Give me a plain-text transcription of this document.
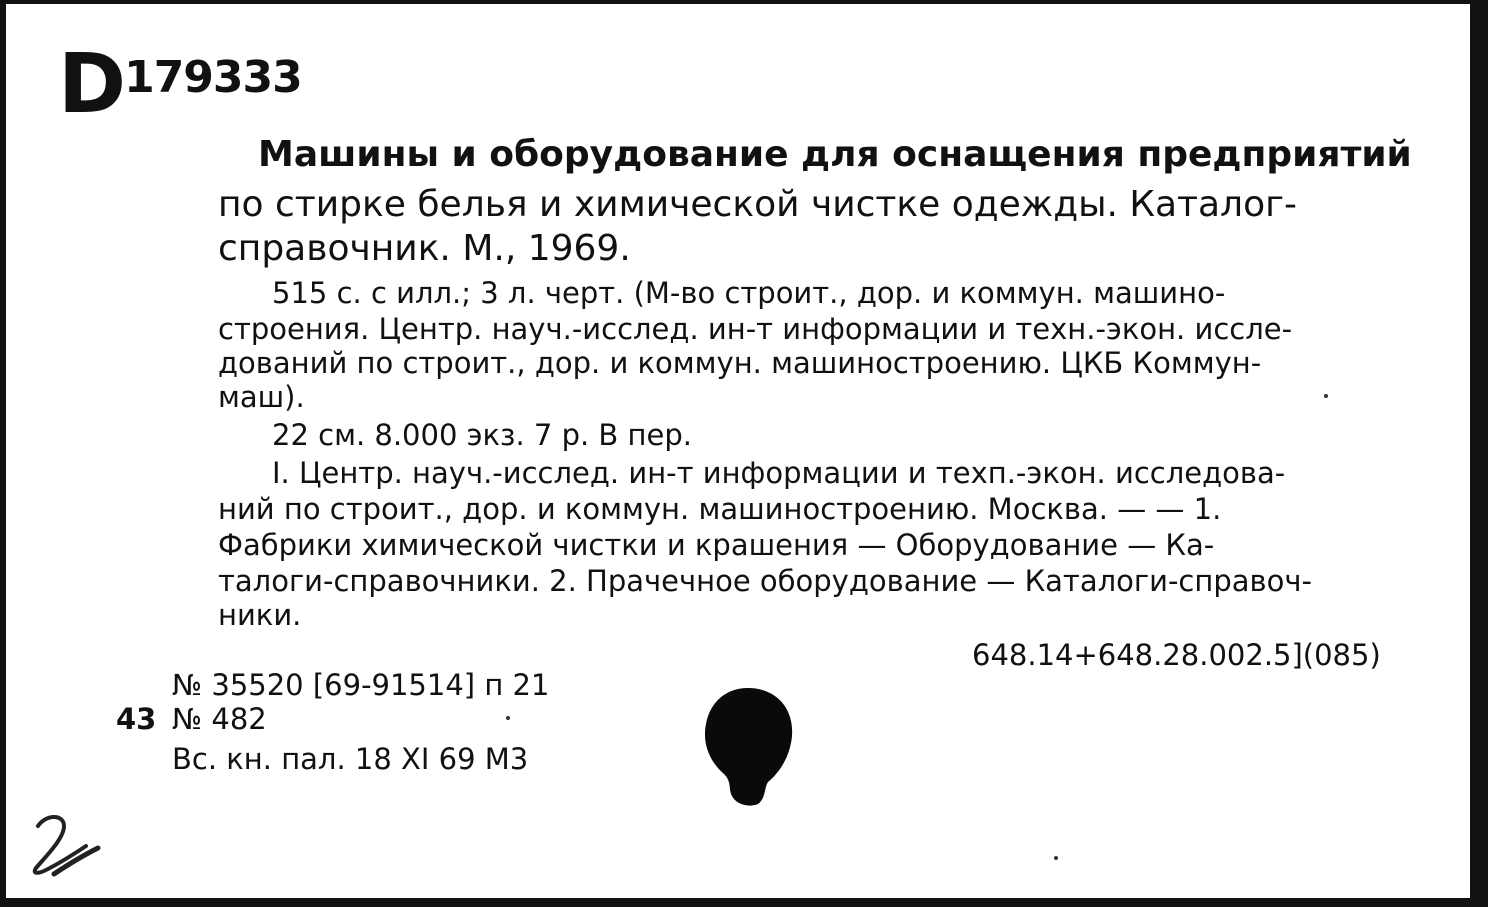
D 179333
Машины и оборудование для оснащения предприятий
по стирке белья и химической чистке одежды. Каталог-
справочник. М., 1969.
515 с. с илл.; 3 л. черт. (М-во строит., дор. и коммун. машино-
строения. Центр. науч.-исслед. ин-т информации и техн.-экон. иссле-
дований по строит., дор. и коммун. машиностроению. ЦКБ Коммун-
маш).
22 см. 8.000 экз. 7 р. В пер.
I. Центр. науч.-исслед. ин-т информации и техп.-экон. исследова-
ний по строит., дор. и коммун. машиностроению. Москва. — — 1.
Фабрики химической чистки и крашения — Оборудование — Ка-
талоги-справочники. 2. Прачечное оборудование — Каталоги-справоч-
ники.
648.14+648.28.002.5](085)
№ 35520 [69-91514] п 21
43 № 482
Вс. кн. пал. 18 XI 69 М3
